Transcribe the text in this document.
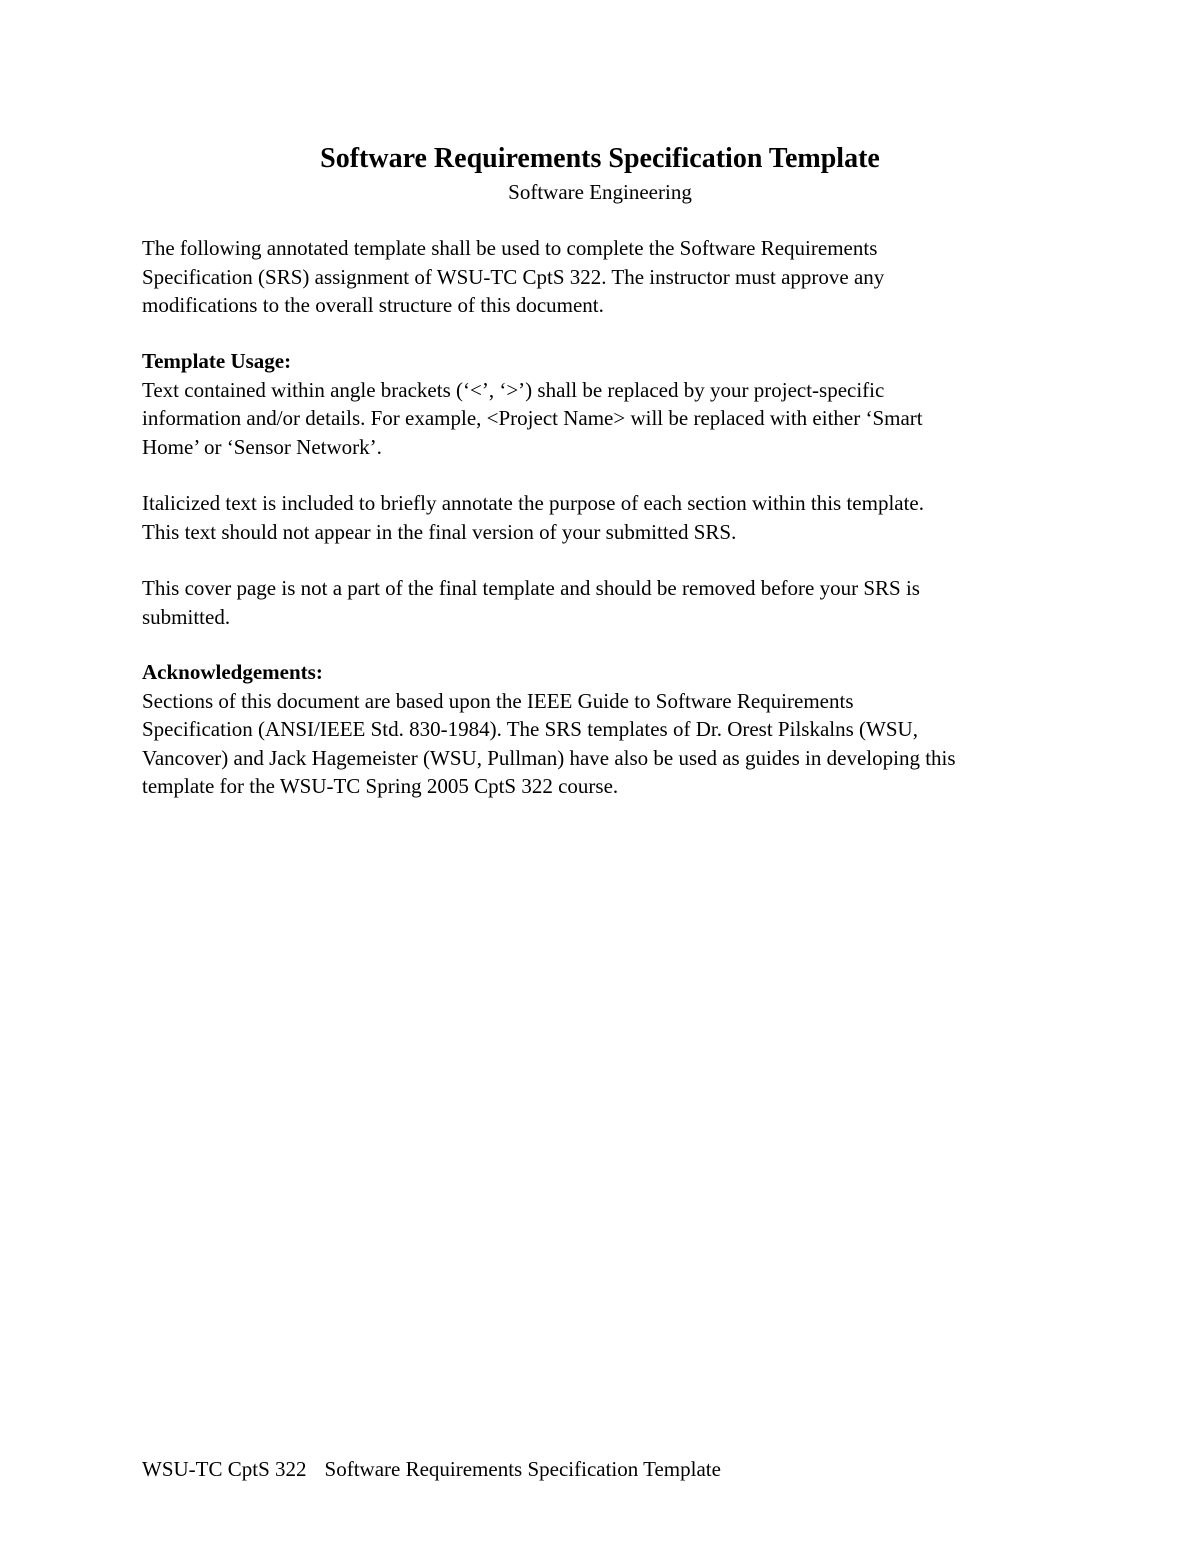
Software Requirements Specification Template
Software Engineering
The following annotated template shall be used to complete the Software Requirements
Specification (SRS) assignment of WSU-TC CptS 322. The instructor must approve any
modifications to the overall structure of this document.
Template Usage:
Text contained within angle brackets (‘<’, ‘>’) shall be replaced by your project-specific
information and/or details. For example, <Project Name> will be replaced with either ‘Smart
Home’ or ‘Sensor Network’.
Italicized text is included to briefly annotate the purpose of each section within this template.
This text should not appear in the final version of your submitted SRS.
This cover page is not a part of the final template and should be removed before your SRS is
submitted.
Acknowledgements:
Sections of this document are based upon the IEEE Guide to Software Requirements
Specification (ANSI/IEEE Std. 830-1984). The SRS templates of Dr. Orest Pilskalns (WSU,
Vancover) and Jack Hagemeister (WSU, Pullman) have also be used as guides in developing this
template for the WSU-TC Spring 2005 CptS 322 course.
WSU-TC CptS 322 Software Requirements Specification Template
